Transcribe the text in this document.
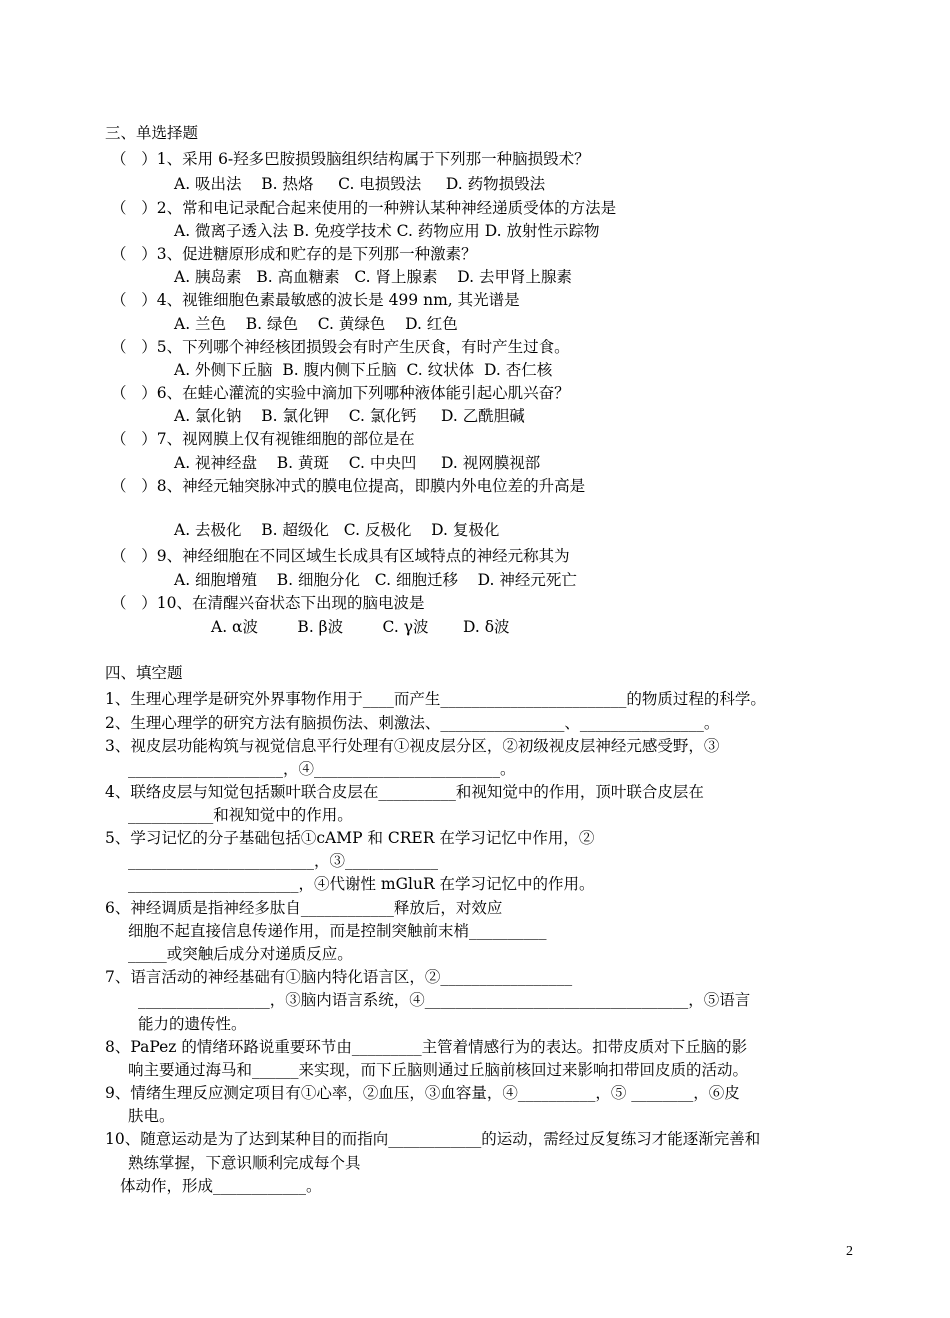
三、单选择题
（   ）1、采用 6-羟多巴胺损毁脑组织结构属于下列那一种脑损毁术？
A. 吸出法    B. 热烙     C. 电损毁法     D. 药物损毁法
（   ）2、常和电记录配合起来使用的一种辨认某种神经递质受体的方法是
A. 微离子透入法 B. 免疫学技术 C. 药物应用 D. 放射性示踪物
（   ）3、促进糖原形成和贮存的是下列那一种激素？
A. 胰岛素   B. 高血糖素   C. 肾上腺素    D. 去甲肾上腺素
（   ）4、视锥细胞色素最敏感的波长是 499 nm, 其光谱是
A. 兰色    B. 绿色    C. 黄绿色    D. 红色
（   ）5、下列哪个神经核团损毁会有时产生厌食，有时产生过食。
A. 外侧下丘脑  B. 腹内侧下丘脑  C. 纹状体  D. 杏仁核
（   ）6、在蛙心灌流的实验中滴加下列哪种液体能引起心肌兴奋？
A. 氯化钠    B. 氯化钾    C. 氯化钙     D. 乙酰胆碱
（   ）7、视网膜上仅有视锥细胞的部位是在
A. 视神经盘    B. 黄斑    C. 中央凹     D. 视网膜视部
（   ）8、神经元轴突脉冲式的膜电位提高，即膜内外电位差的升高是
A. 去极化    B. 超级化   C. 反极化    D. 复极化
（   ）9、神经细胞在不同区域生长成具有区域特点的神经元称其为
A. 细胞增殖    B. 细胞分化   C. 细胞迁移    D. 神经元死亡
（   ）10、在清醒兴奋状态下出现的脑电波是
A. α波        B. β波        C. γ波       D. δ波
四、填空题
1、生理心理学是研究外界事物作用于____而产生________________________的物质过程的科学。
2、生理心理学的研究方法有脑损伤法、刺激法、________________、________________。
3、视皮层功能构筑与视觉信息平行处理有①视皮层分区，②初级视皮层神经元感受野，③
____________________，④________________________。
4、联络皮层与知觉包括颞叶联合皮层在__________和视知觉中的作用，顶叶联合皮层在
___________和视知觉中的作用。
5、学习记忆的分子基础包括①cAMP 和 CRER 在学习记忆中作用，②
________________________，③____________
______________________，④代谢性 mGluR 在学习记忆中的作用。
6、神经调质是指神经多肽自____________释放后，对效应
细胞不起直接信息传递作用，而是控制突触前末梢__________
_____或突触后成分对递质反应。
7、语言活动的神经基础有①脑内特化语言区，②_________________
_________________，③脑内语言系统，④__________________________________，⑤语言
能力的遗传性。
8、PaPez 的情绪环路说重要环节由_________主管着情感行为的表达。扣带皮质对下丘脑的影
响主要通过海马和______来实现，而下丘脑则通过丘脑前核回过来影响扣带回皮质的活动。
9、情绪生理反应测定项目有①心率，②血压，③血容量，④__________，⑤ ________，⑥皮
肤电。
10、随意运动是为了达到某种目的而指向____________的运动，需经过反复练习才能逐渐完善和
熟练掌握，下意识顺利完成每个具
体动作，形成____________。
2
